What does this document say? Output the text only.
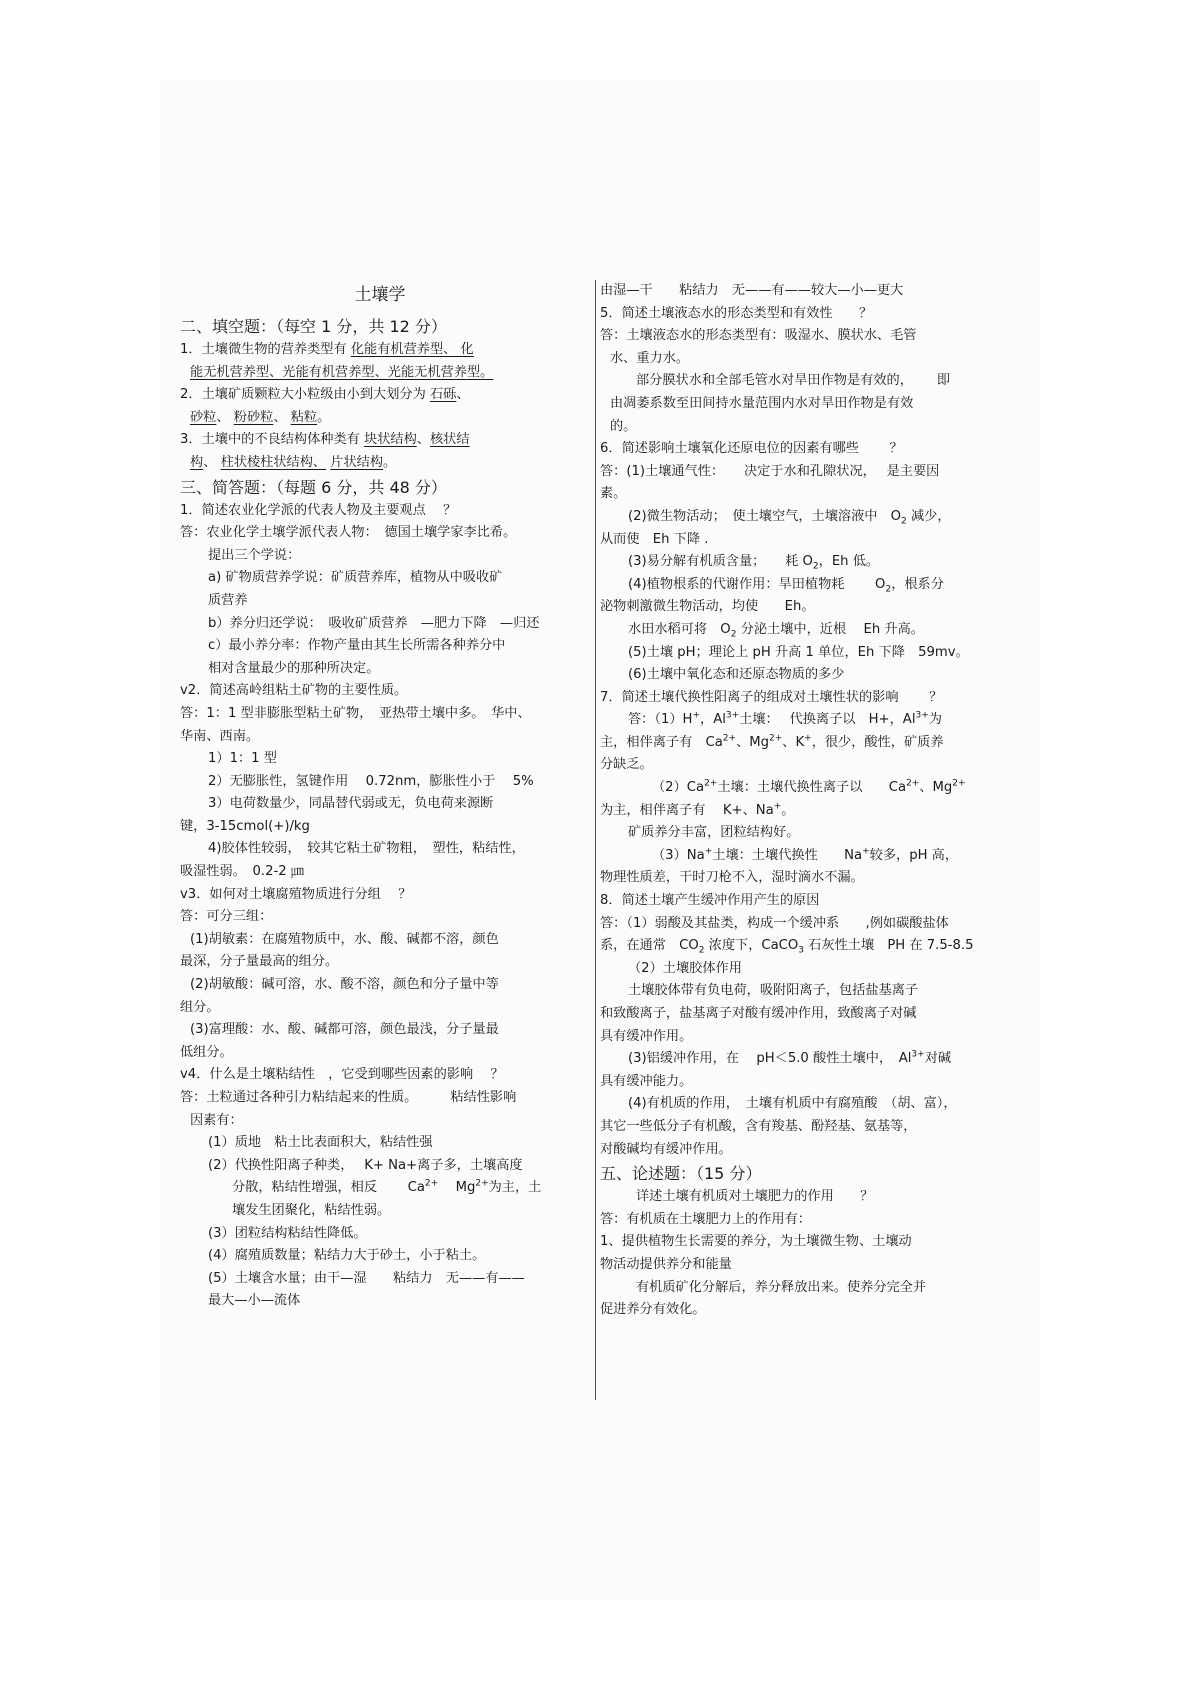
土壤学

二、填空题：（每空 1 分，共 12 分）

1．土壤微生物的营养类型有 化能有机营养型、 化

能无机营养型、光能有机营养型、光能无机营养型。

2．土壤矿质颗粒大小粒级由小到大划分为 石砾、

砂粒、 粉砂粒、 粘粒。

3．土壤中的不良结构体种类有 块状结构、核状结

构、 柱状棱柱状结构、 片状结构。

三、简答题：（每题 6 分，共 48 分）

1．简述农业化学派的代表人物及主要观点　 ？

答：农业化学土壤学派代表人物：　德国土壤学家李比希。

提出三个学说：

a) 矿物质营养学说：矿质营养库，植物从中吸收矿

质营养

b）养分归还学说：　吸收矿质营养　—肥力下降　—归还

c）最小养分率：作物产量由其生长所需各种养分中

相对含量最少的那种所决定。

v2．简述高岭组粘土矿物的主要性质。

答：1：1 型非膨胀型粘土矿物，　亚热带土壤中多。　华中、

华南、西南。

1）1：1 型

2）无膨胀性，氢键作用　 0.72nm，膨胀性小于　 5%

3）电荷数量少，同晶替代弱或无，负电荷来源断

键，3-15cmol(+)/kg

4)胶体性较弱，　较其它粘土矿物粗，　塑性，粘结性，

吸湿性弱。　0.2-2 ㎛

v3．如何对土壤腐殖物质进行分组　 ？

答：可分三组：

(1)胡敏素：在腐殖物质中，水、酸、碱都不溶，颜色

最深，分子量最高的组分。

(2)胡敏酸：碱可溶，水、酸不溶，颜色和分子量中等

组分。

(3)富理酸：水、酸、碱都可溶，颜色最浅，分子量最

低组分。

v4．什么是土壤粘结性　，它受到哪些因素的影响　 ？

答：土粒通过各种引力粘结起来的性质。　　　粘结性影响

因素有：

(1）质地　粘土比表面积大，粘结性强

(2）代换性阳离子种类，　 K+ Na+离子多，土壤高度

分散，粘结性增强，相反　　 $Ca^{2+}$　 $Mg^{2+}$为主，土

壤发生团聚化，粘结性弱。

(3）团粒结构粘结性降低。

(4）腐殖质数量；粘结力大于砂土，小于粘土。

(5）土壤含水量；由干—湿　　粘结力　无——有——

最大—小—流体

由湿—干　　粘结力　无——有——较大—小—更大

5．简述土壤液态水的形态类型和有效性　　？

答：土壤液态水的形态类型有：吸湿水、膜状水、毛管

水、重力水。

部分膜状水和全部毛管水对旱田作物是有效的，　　 即

由凋萎系数至田间持水量范围内水对旱田作物是有效

的。

6．简述影响土壤氧化还原电位的因素有哪些　　 ？

答：(1)土壤通气性：　　决定于水和孔隙状况，　 是主要因

素。

(2)微生物活动；　使土壤空气，土壤溶液中　$O_2$ 减少，

从而使　Eh 下降 .

(3)易分解有机质含量；　　耗 $O_2$，Eh 低。

(4)植物根系的代谢作用：旱田植物耗　　 $O_2$，根系分

泌物刺激微生物活动，均使　　Eh。

水田水稻可将　$O_2$ 分泌土壤中，近根　 Eh 升高。

(5)土壤 pH；理论上 pH 升高 1 单位，Eh 下降　59mv。

(6)土壤中氧化态和还原态物质的多少

7．简述土壤代换性阳离子的组成对土壤性状的影响　　 ？

答：（1）H+，$Al^{3+}$土壤：　 代换离子以　H+，$Al^{3+}$为

主，相伴离子有　$Ca^{2+}$、$Mg^{2+}$、K+，很少，酸性，矿质养

分缺乏。

$(2)Ca^{2+}$土壤：土壤代换性离子以　　$Ca^{2+}$、$Mg^{2+}$

为主，相伴离子有　 K+、Na+。

矿质养分丰富，团粒结构好。

（3）Na+土壤：土壤代换性　　Na+较多，pH 高，

物理性质差，干时刀枪不入，湿时滴水不漏。

8．简述土壤产生缓冲作用产生的原因

答：（1）弱酸及其盐类，构成一个缓冲系　　,例如碳酸盐体

系，在通常　$CO_2$ 浓度下，CaCO$_3$ 石灰性土壤　PH 在 7.5-8.5

（2）土壤胶体作用

土壤胶体带有负电荷，吸附阳离子，包括盐基离子

和致酸离子，盐基离子对酸有缓冲作用，致酸离子对碱

具有缓冲作用。

(3)铝缓冲作用，在　 pH＜5.0 酸性土壤中，　$Al^{3+}$对碱

具有缓冲能力。

(4)有机质的作用，　土壤有机质中有腐殖酸　（胡、富），

其它一些低分子有机酸，含有羧基、酚羟基、氨基等，

对酸碱均有缓冲作用。

五、论述题：（15 分）

详述土壤有机质对土壤肥力的作用　　？

答：有机质在土壤肥力上的作用有：

1、提供植物生长需要的养分，为土壤微生物、土壤动

物活动提供养分和能量

有机质矿化分解后，养分释放出来。使养分完全并

促进养分有效化。
